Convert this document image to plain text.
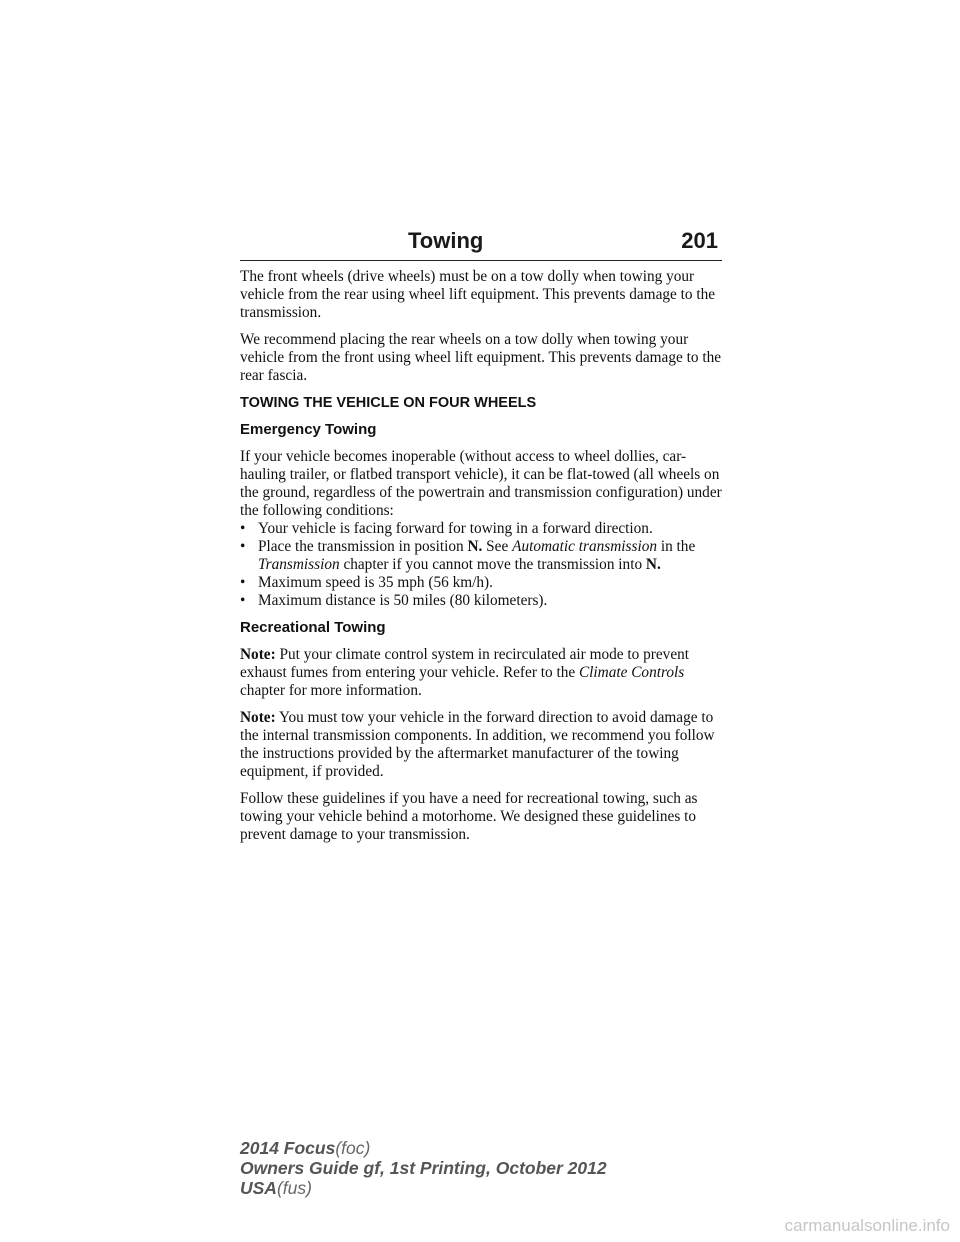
Towing	201

The front wheels (drive wheels) must be on a tow dolly when towing your vehicle from the rear using wheel lift equipment. This prevents damage to the transmission.

We recommend placing the rear wheels on a tow dolly when towing your vehicle from the front using wheel lift equipment. This prevents damage to the rear fascia.

TOWING THE VEHICLE ON FOUR WHEELS
Emergency Towing

If your vehicle becomes inoperable (without access to wheel dollies, car-hauling trailer, or flatbed transport vehicle), it can be flat-towed (all wheels on the ground, regardless of the powertrain and transmission configuration) under the following conditions:

• Your vehicle is facing forward for towing in a forward direction.
• Place the transmission in position N. See Automatic transmission in the Transmission chapter if you cannot move the transmission into N.
• Maximum speed is 35 mph (56 km/h).
• Maximum distance is 50 miles (80 kilometers).
Recreational Towing

Note: Put your climate control system in recirculated air mode to prevent exhaust fumes from entering your vehicle. Refer to the Climate Controls chapter for more information.

Note: You must tow your vehicle in the forward direction to avoid damage to the internal transmission components. In addition, we recommend you follow the instructions provided by the aftermarket manufacturer of the towing equipment, if provided.

Follow these guidelines if you have a need for recreational towing, such as towing your vehicle behind a motorhome. We designed these guidelines to prevent damage to your transmission.

2014 Focus(foc)
Owners Guide gf, 1st Printing, October 2012
USA(fus)
carmanualsonline.info
